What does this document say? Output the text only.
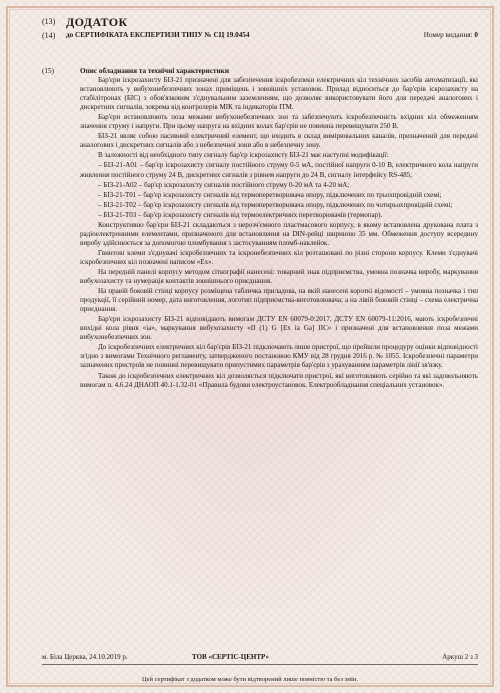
(13) ДОДАТОК
(14) до СЕРТИФІКАТА ЕКСПЕРТИЗИ ТИПУ № СЦ 19.0454	Номер видання: 0
(15)	Опис обладнання та технічні характеристики

Бар'єри іскрозахисту БІЗ-21 призначені для забезпечення іскробезпеки електричних кіл технічних засобів автоматизації, які встановлюють у вибухонебезпечних зонах приміщень і зовнішніх установок. Прилад відноситься до бар'єрів іскрозахисту на стабілітронах (БІС) з обов'язковим з'єднувальним заземленням, що дозволяє використовувати його для передачі аналогових і дискретних сигналів, зокрема від контролерів МІК та індикаторів ІТМ.

Бар'єри встановлюють поза межами вибухонебезпечних зон та забезпечують іскробезпечність вхідних кіл обмеженням значення струму і напруги. При цьому напруга на вхідних колах бар'єрів не повинна перевищувати 250 В.

БІЗ-21 являє собою пасивний електричний елемент, що входить в склад вимірювальних каналів, призначений для передачі аналогових і дискретних сигналів або з небезпечної зони або в небезпечну зону.

В залежності від необхідного типу сигналу бар'єр іскрозахисту БІЗ-21 має наступні модифікації:

– БІЗ-21-А01 – бар'єр іскрозахисту сигналу постійного струму 0-5 мА, постійної напруги 0-10 В, електричного кола напруги живлення постійного струму 24 В, дискретних сигналів з рівнем напруги до 24 В, сигналу інтерфейсу RS-485;

– БІЗ-21-А02 – бар'єр іскрозахисту сигналів постійного струму 0-20 мА та 4-20 мА;

– БІЗ-21-Т01 – бар'єр іскрозахисту сигналів від термоперетворювача опору, підключених по трьохпровідній схемі;

– БІЗ-21-Т02 – бар'єр іскрозахисту сигналів від термоперетворювача опору, підключених по чотирьохпровідній схемі;

– БІЗ-21-Т03 – бар'єр іскрозахисту сигналів від термоелектричних перетворювачів (термопар).

Конструктивно бар'єри БІЗ-21 складаються з нерозч'ємного пластмасового корпусу, в якому встановлена друкована плата з радіоелектронними елементами, призначеного для встановлення на DIN-рейці шириною 35 мм. Обмеження доступу всередину виробу здійснюється за допомогою пломбування з застосуванням пломб-наклейок.

Гвинтові клеми з'єднувачі іскробезпечних та іскронебезпечних кіл розташовані по різні сторони корпусу. Клеми з'єднувачі іскробезпечних кіл позначені написом «Ex».

На передній панелі корпусу методом сіткографії нанесені: товарний знак підприємства, умовна позначка виробу, маркування вибухозахисту та нумерація контактів зовнішнього приєднання.

На правій боковій стінці корпусу розміщена табличка приладова, на якій нанесені короткі відомості – умовна позначка і тип продукції, її серійний номер, дата виготовлення, логотип підприємства-виготовлювача; а на лівій боковій стінці – схема електрична приєднання.

Бар'єри іскрозахисту БІЗ-21 відповідають вимогам ДСТУ EN 60079-0:2017, ДСТУ EN 60079-11:2016, мають іскробезпечні вихідні кола рівня «іа», маркування вибухозахисту «II (1) G [Ex ia Ga] IIC» і призначені для встановлення поза межами вибухонебезпечних зон.

До іскробезпечних електричних кіл бар'єрів БІЗ-21 підключають лише пристрої, що пройшли процедуру оцінки відповідності згідно з вимогами Технічного регламенту, затвердженого постановою КМУ від 28 грудня 2016 р. № 1055. Іскробезпечні параметри зазначених пристроїв не повинні перевищувати припустимих параметрів бар'єрів з урахуванням параметрів лінії зв'язку.

Також до іскробезпечних електричних кіл дозволяється підключати пристрої, які виготовляють серійно та які задовольняють вимогам п. 4.6.24 ДНАОП 40.1-1.32-01 «Правила будови електроустановок. Електрообладнання спеціальних установок».

м. Біла Церква, 24.10.2019 р.	ТОВ «СЕРТІС-ЦЕНТР»	Аркуш 2 з 3
Цей сертифікат з додатком може бути відтворений лише повністю та без змін.
